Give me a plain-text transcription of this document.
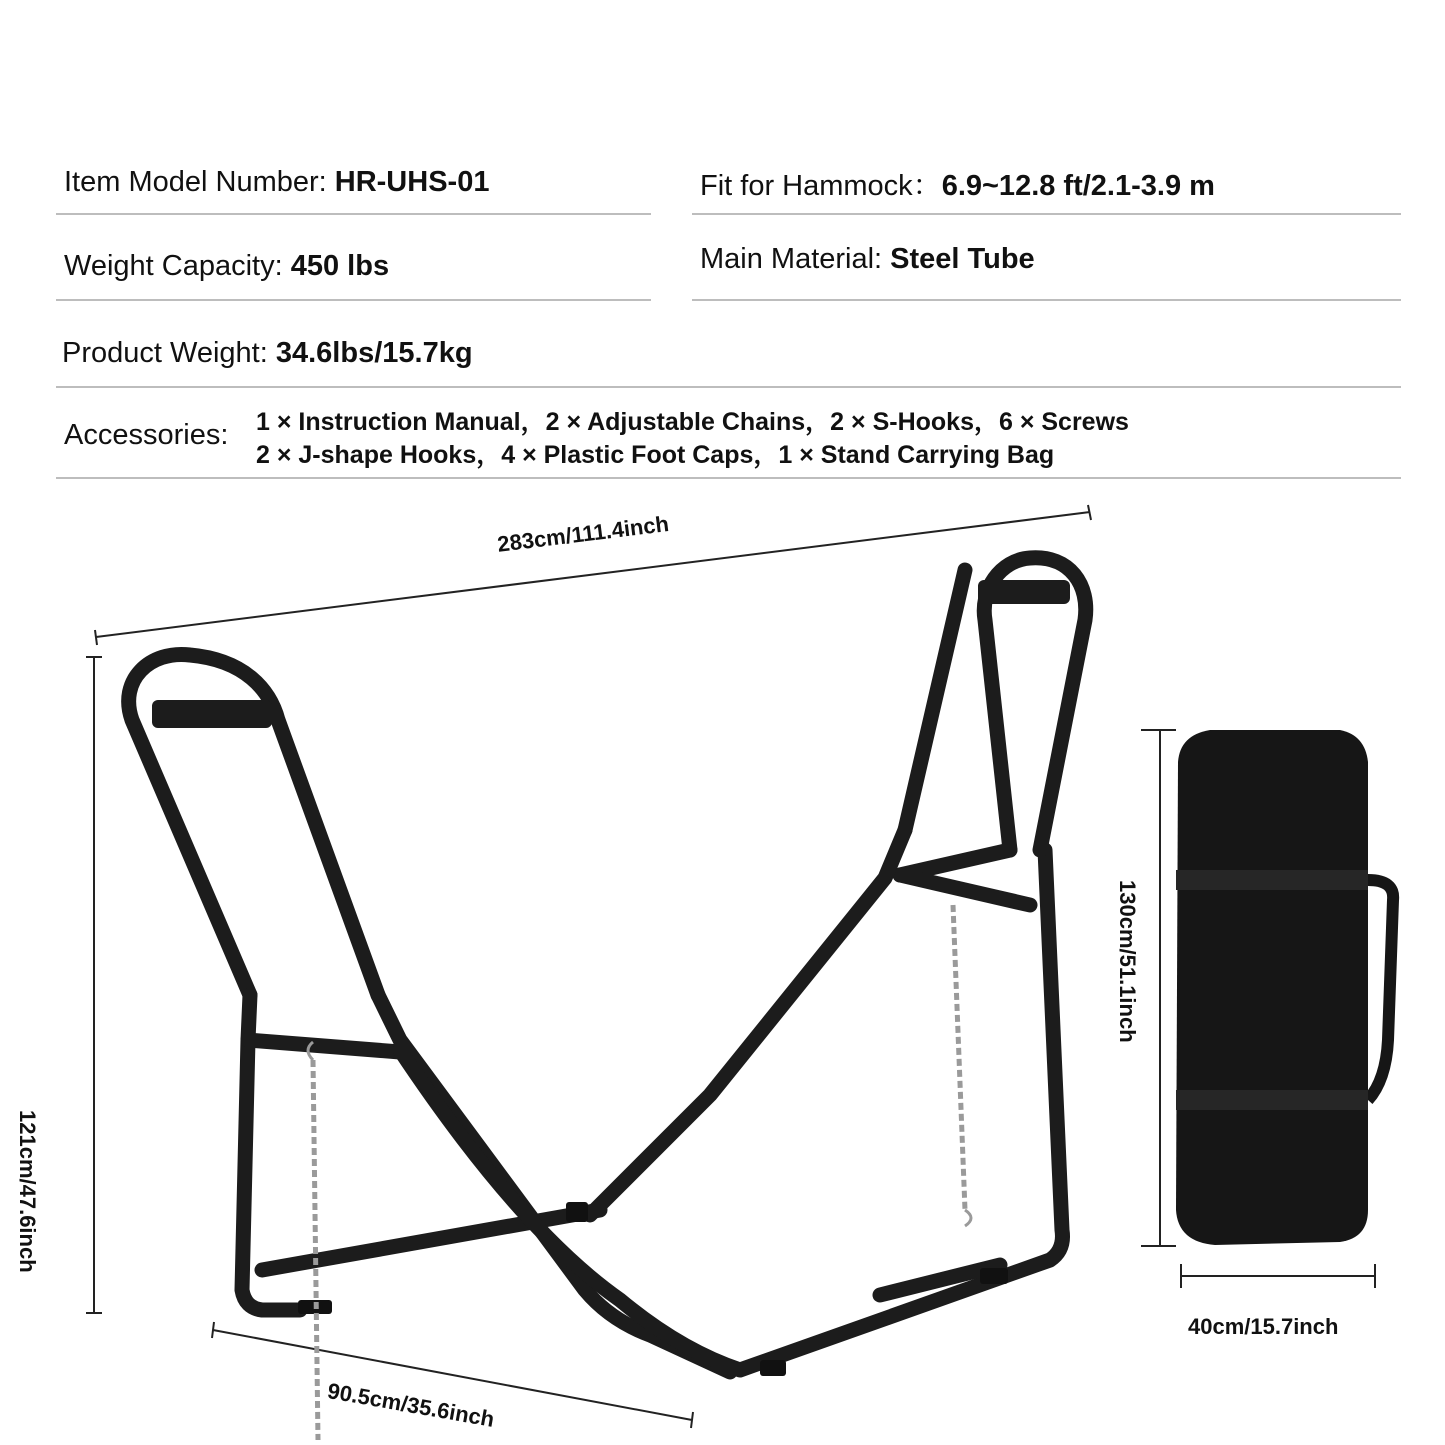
Item Model Number: HR-UHS-01	Fit for Hammock：6.9~12.8 ft/2.1-3.9 m
Weight Capacity: 450 lbs	Main Material: Steel Tube
Product Weight: 34.6lbs/15.7kg
Accessories: 1 × Instruction Manual，2 × Adjustable Chains，2 × S-Hooks，6 × Screws
2 × J-shape Hooks，4 × Plastic Foot Caps，1 × Stand Carrying Bag
283cm/111.4inch
121cm/47.6inch
90.5cm/35.6inch
130cm/51.1inch
40cm/15.7inch
